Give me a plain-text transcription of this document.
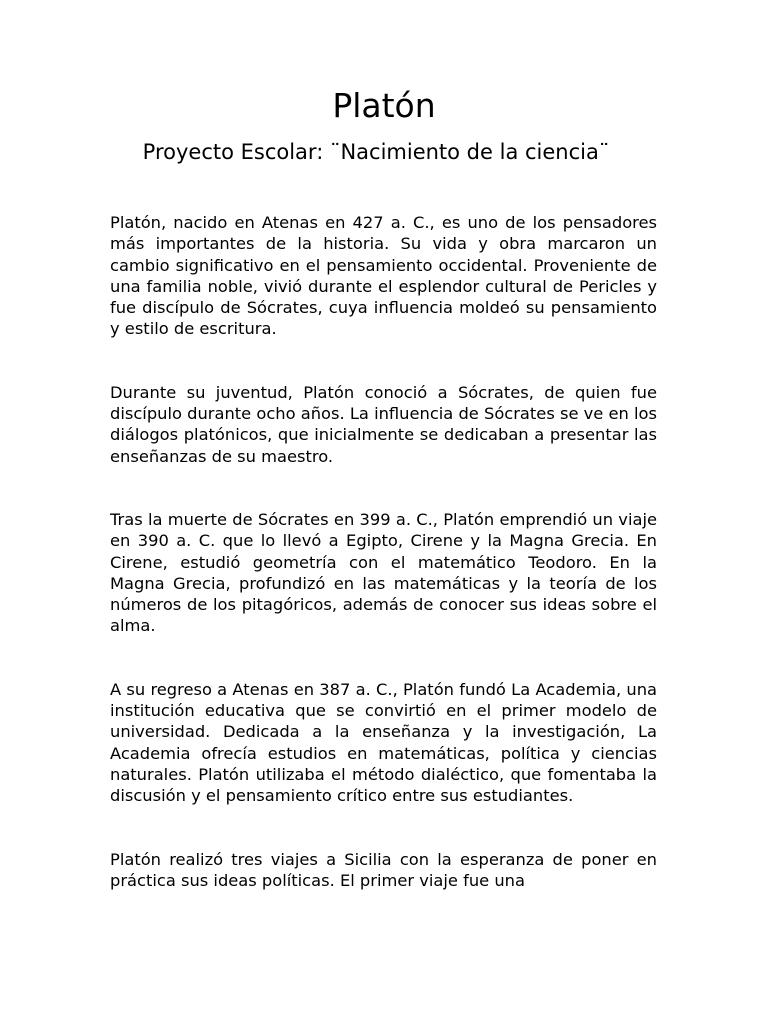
Platón
Proyecto Escolar: ¨Nacimiento de la ciencia¨

Platón, nacido en Atenas en 427 a. C., es uno de los pensadores más importantes de la historia. Su vida y obra marcaron un cambio significativo en el pensamiento occidental. Proveniente de una familia noble, vivió durante el esplendor cultural de Pericles y fue discípulo de Sócrates, cuya influencia moldeó su pensamiento y estilo de escritura.

Durante su juventud, Platón conoció a Sócrates, de quien fue discípulo durante ocho años. La influencia de Sócrates se ve en los diálogos platónicos, que inicialmente se dedicaban a presentar las enseñanzas de su maestro.

Tras la muerte de Sócrates en 399 a. C., Platón emprendió un viaje en 390 a. C. que lo llevó a Egipto, Cirene y la Magna Grecia. En Cirene, estudió geometría con el matemático Teodoro. En la Magna Grecia, profundizó en las matemáticas y la teoría de los números de los pitagóricos, además de conocer sus ideas sobre el alma.

A su regreso a Atenas en 387 a. C., Platón fundó La Academia, una institución educativa que se convirtió en el primer modelo de universidad. Dedicada a la enseñanza y la investigación, La Academia ofrecía estudios en matemáticas, política y ciencias naturales. Platón utilizaba el método dialéctico, que fomentaba la discusión y el pensamiento crítico entre sus estudiantes.

Platón realizó tres viajes a Sicilia con la esperanza de poner en práctica sus ideas políticas. El primer viaje fue una
